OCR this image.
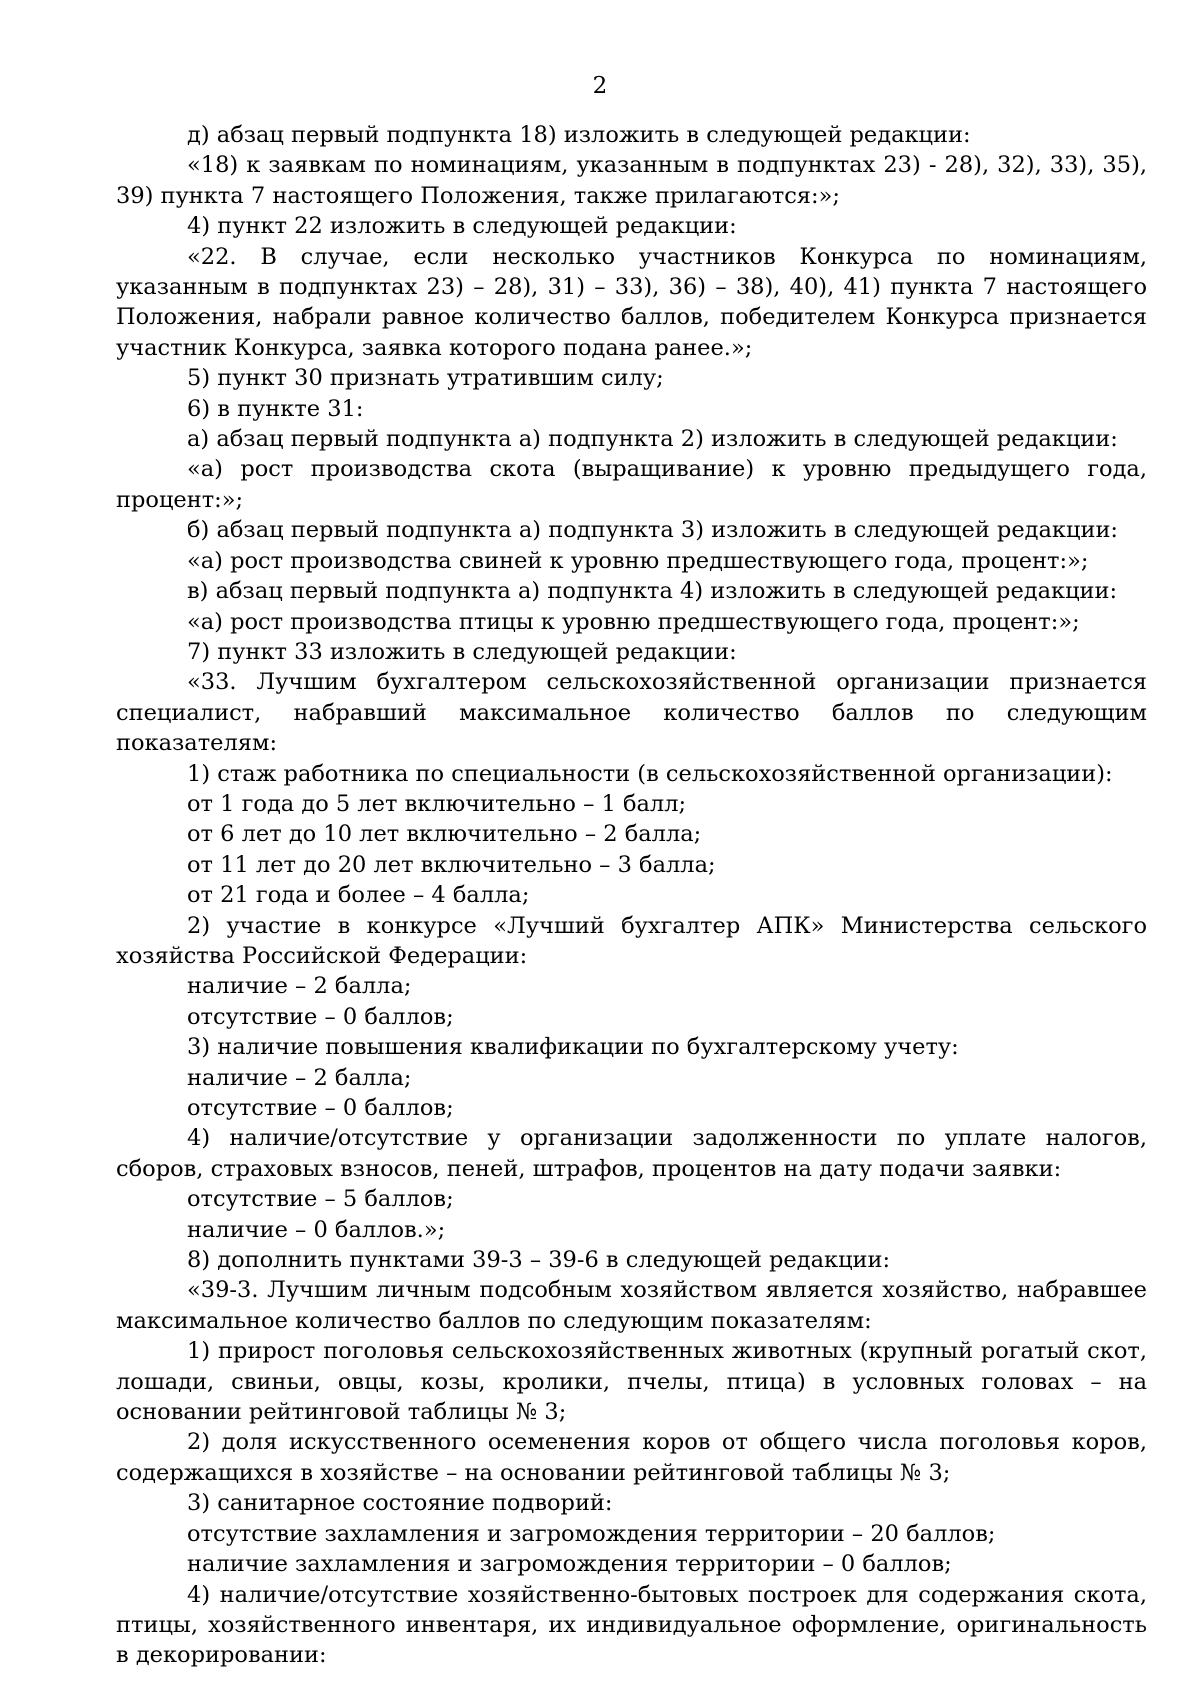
2

д) абзац первый подпункта 18) изложить в следующей редакции:

«18) к заявкам по номинациям, указанным в подпунктах 23) - 28), 32), 33), 35), 39) пункта 7 настоящего Положения, также прилагаются:»;

4) пункт 22 изложить в следующей редакции:

«22. В случае, если несколько участников Конкурса по номинациям, указанным в подпунктах 23) – 28), 31) – 33), 36) – 38), 40), 41) пункта 7 настоящего Положения, набрали равное количество баллов, победителем Конкурса признается участник Конкурса, заявка которого подана ранее.»;

5) пункт 30 признать утратившим силу;

6) в пункте 31:

а) абзац первый подпункта а) подпункта 2) изложить в следующей редакции:

«а) рост производства скота (выращивание) к уровню предыдущего года, процент:»;

б) абзац первый подпункта а) подпункта 3) изложить в следующей редакции:

«а) рост производства свиней к уровню предшествующего года, процент:»;

в) абзац первый подпункта а) подпункта 4) изложить в следующей редакции:

«а) рост производства птицы к уровню предшествующего года, процент:»;

7) пункт 33 изложить в следующей редакции:

«33. Лучшим бухгалтером сельскохозяйственной организации признается специалист, набравший максимальное количество баллов по следующим показателям:

1) стаж работника по специальности (в сельскохозяйственной организации):

от 1 года до 5 лет включительно – 1 балл;

от 6 лет до 10 лет включительно – 2 балла;

от 11 лет до 20 лет включительно – 3 балла;

от 21 года и более – 4 балла;

2) участие в конкурсе «Лучший бухгалтер АПК» Министерства сельского хозяйства Российской Федерации:

наличие – 2 балла;

отсутствие – 0 баллов;

3) наличие повышения квалификации по бухгалтерскому учету:

наличие – 2 балла;

отсутствие – 0 баллов;

4) наличие/отсутствие у организации задолженности по уплате налогов, сборов, страховых взносов, пеней, штрафов, процентов на дату подачи заявки:

отсутствие – 5 баллов;

наличие – 0 баллов.»;

8) дополнить пунктами 39-3 – 39-6 в следующей редакции:

«39-3. Лучшим личным подсобным хозяйством является хозяйство, набравшее максимальное количество баллов по следующим показателям:

1) прирост поголовья сельскохозяйственных животных (крупный рогатый скот, лошади, свиньи, овцы, козы, кролики, пчелы, птица) в условных головах – на основании рейтинговой таблицы № 3;

2) доля искусственного осеменения коров от общего числа поголовья коров, содержащихся в хозяйстве – на основании рейтинговой таблицы № 3;

3) санитарное состояние подворий:

отсутствие захламления и загромождения территории – 20 баллов;

наличие захламления и загромождения территории – 0 баллов;

4) наличие/отсутствие хозяйственно-бытовых построек для содержания скота, птицы, хозяйственного инвентаря, их индивидуальное оформление, оригинальность в декорировании:
